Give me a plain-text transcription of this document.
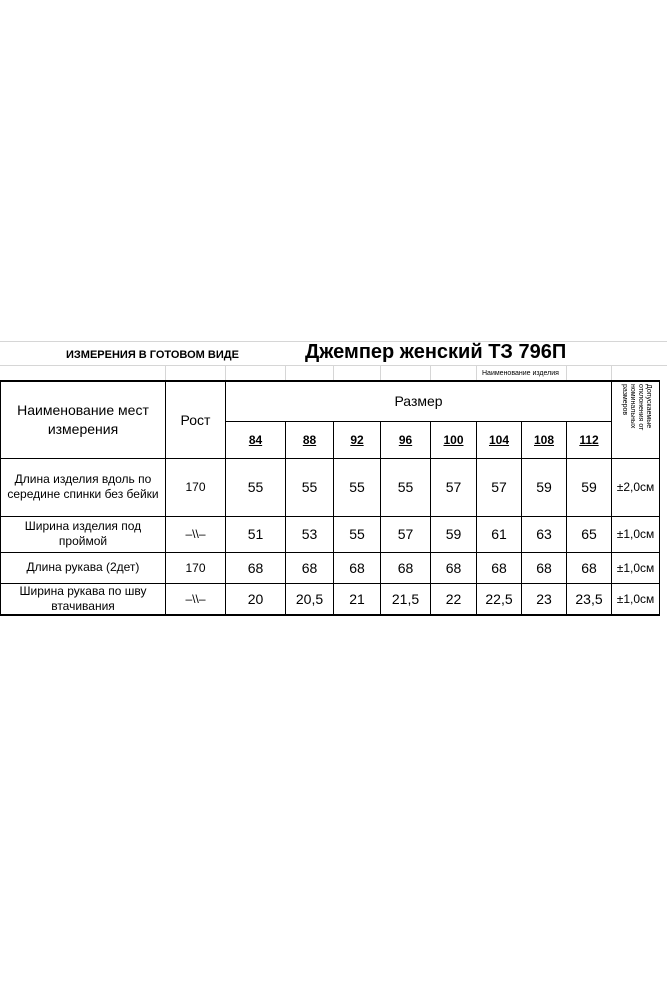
ИЗМЕРЕНИЯ В ГОТОВОМ ВИДЕ	Джемпер женский ТЗ 796П
Наименование изделия
Наименование мест измерения	Рост	Размер								Допускаемые отклонения от номинальных размеров

		84	88	92	96	100	104	108	112	
Длина изделия вдоль по середине спинки без бейки	170	55	55	55	55	57	57	59	59	±2,0см
Ширина изделия под проймой	–\\–	51	53	55	57	59	61	63	65	±1,0см
Длина рукава (2дет)	170	68	68	68	68	68	68	68	68	±1,0см
Ширина рукава по шву втачивания	–\\–	20	20,5	21	21,5	22	22,5	23	23,5	±1,0см
